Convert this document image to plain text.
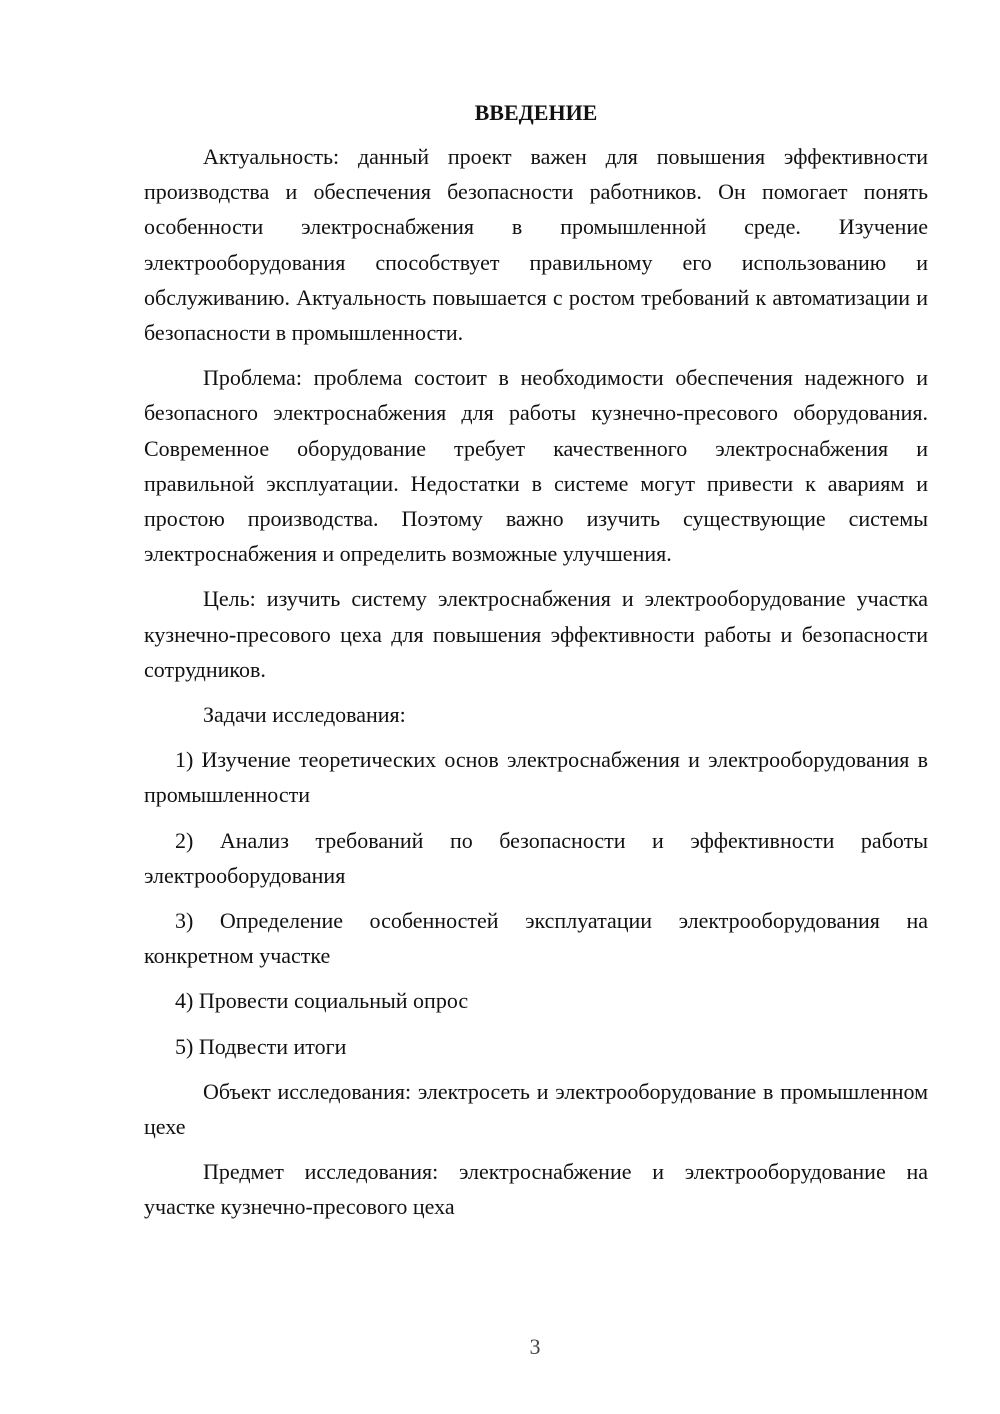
ВВЕДЕНИЕ

Актуальность: данный проект важен для повышения эффективности производства и обеспечения безопасности работников. Он помогает понять особенности электроснабжения в промышленной среде. Изучение электрооборудования способствует правильному его использованию и обслуживанию. Актуальность повышается с ростом требований к автоматизации и безопасности в промышленности.

Проблема: проблема состоит в необходимости обеспечения надежного и безопасного электроснабжения для работы кузнечно-пресового оборудования. Современное оборудование требует качественного электроснабжения и правильной эксплуатации. Недостатки в системе могут привести к авариям и простою производства. Поэтому важно изучить существующие системы электроснабжения и определить возможные улучшения.

Цель: изучить систему электроснабжения и электрооборудование участка кузнечно-пресового цеха для повышения эффективности работы и безопасности сотрудников.

Задачи исследования:

1) Изучение теоретических основ электроснабжения и электрооборудования в промышленности

2) Анализ требований по безопасности и эффективности работы электрооборудования

3) Определение особенностей эксплуатации электрооборудования на конкретном участке

4) Провести социальный опрос

5) Подвести итоги

Объект исследования: электросеть и электрооборудование в промышленном цехе

Предмет исследования: электроснабжение и электрооборудование на участке кузнечно-пресового цеха

3
